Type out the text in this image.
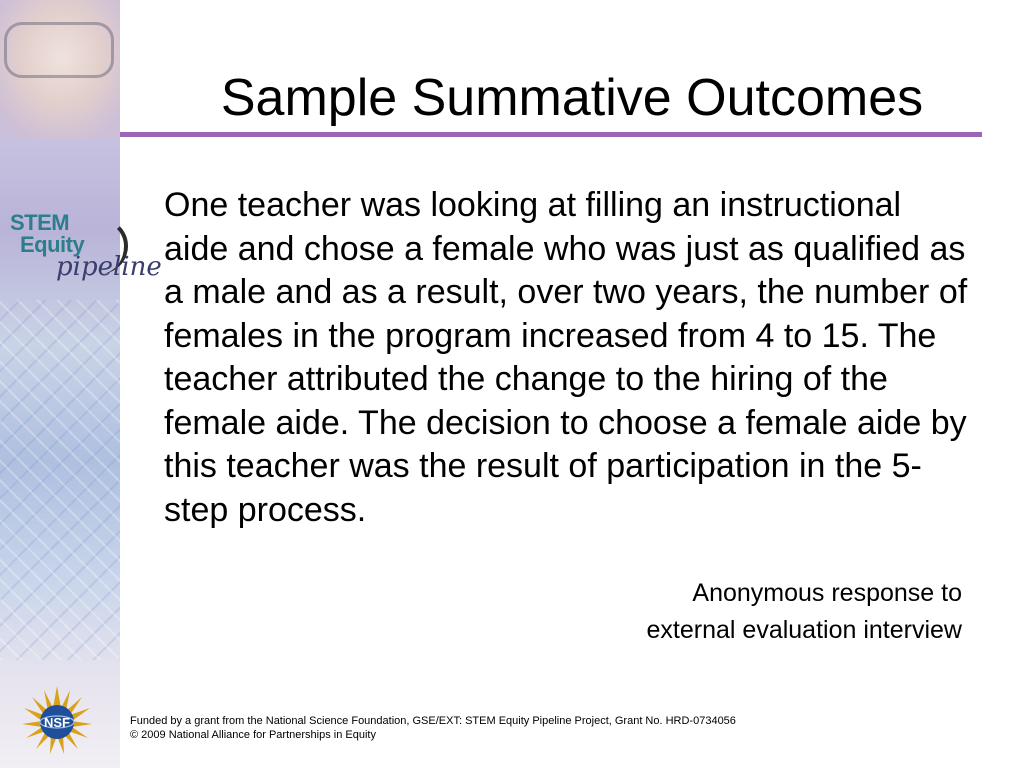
STEM
Equity
pipeline
NSF
Sample Summative Outcomes

One teacher was looking at filling an instructional aide and chose a female who was just as qualified as a male and as a result, over two years, the number of females in the program increased from 4 to 15. The teacher attributed the change to the hiring of the female aide. The decision to choose a female aide by this teacher was the result of participation in the 5-step process.

Anonymous response to
external evaluation interview
Funded by a grant from the National Science Foundation, GSE/EXT: STEM Equity Pipeline Project, Grant No. HRD-0734056
© 2009 National Alliance for Partnerships in Equity
